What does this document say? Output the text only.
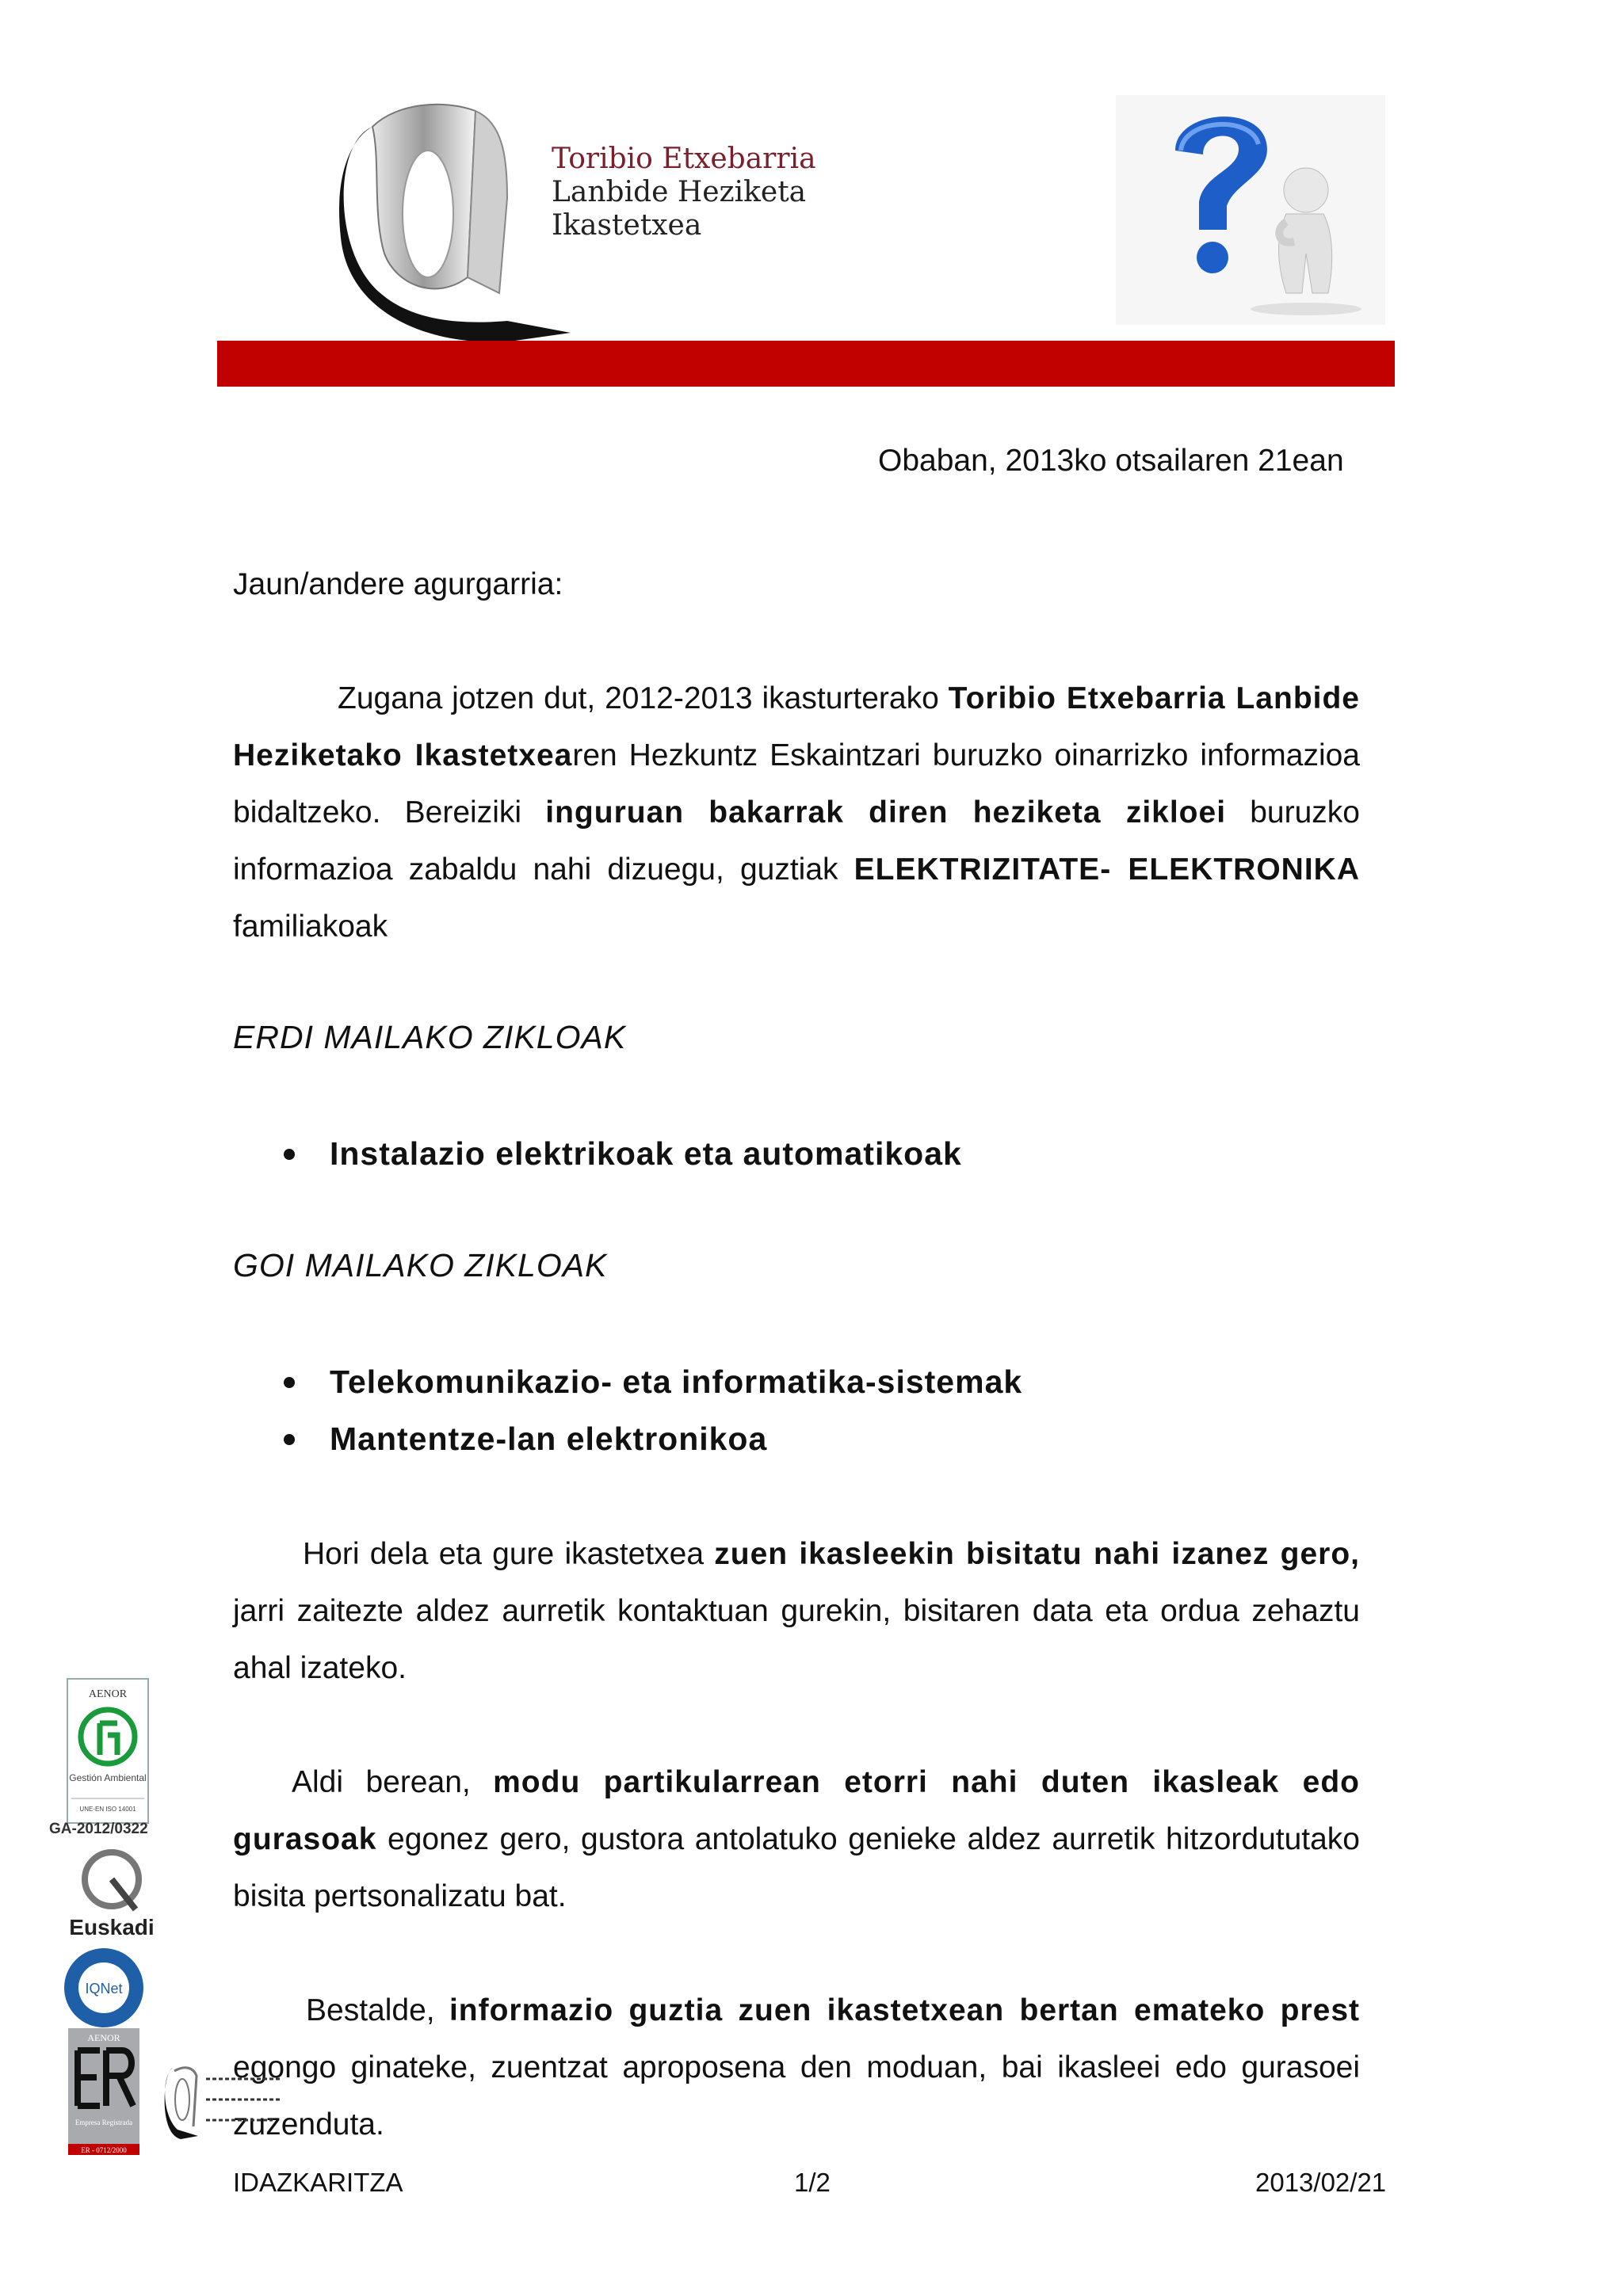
Toribio Etxebarria
Lanbide Heziketa
Ikastetxea
Obaban, 2013ko otsailaren 21ean
Jaun/andere agurgarria:
Zugana jotzen dut, 2012-2013 ikasturterako Toribio Etxebarria Lanbide Heziketako Ikastetxearen Hezkuntz Eskaintzari buruzko oinarrizko informazioa bidaltzeko. Bereiziki inguruan bakarrak diren heziketa zikloei buruzko informazioa zabaldu nahi dizuegu, guztiak ELEKTRIZITATE- ELEKTRONIKA familiakoak
ERDI MAILAKO ZIKLOAK
Instalazio elektrikoak eta automatikoak
GOI MAILAKO ZIKLOAK
Telekomunikazio- eta informatika-sistemak
Mantentze-lan elektronikoa
Hori dela eta gure ikastetxea zuen ikasleekin bisitatu nahi izanez gero, jarri zaitezte aldez aurretik kontaktuan gurekin, bisitaren data eta ordua zehaztu ahal izateko.
Aldi berean, modu partikularrean etorri nahi duten ikasleak edo gurasoak egonez gero, gustora antolatuko genieke aldez aurretik hitzordututako bisita pertsonalizatu bat.
Bestalde, informazio guztia zuen ikastetxean bertan emateko prest egongo ginateke, zuentzat aproposena den moduan, bai ikasleei edo gurasoei zuzenduta.
IDAZKARITZA	1/2	2013/02/21
AENOR
Gestión Ambiental
UNE-EN ISO 14001
GA-2012/0322
Euskadi
IQNet
AENOR
Empresa Registrada
ER - 0712/2000
